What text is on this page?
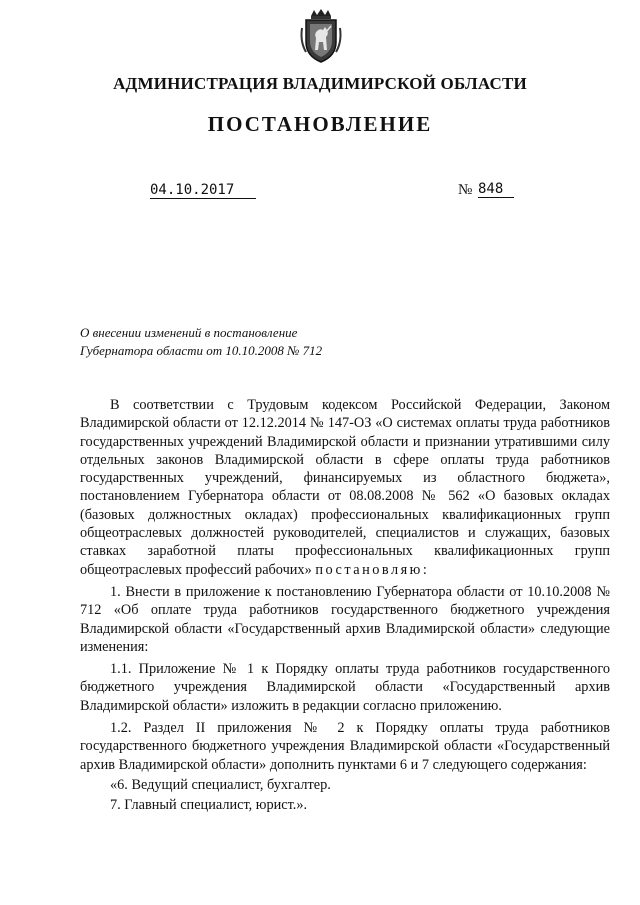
АДМИНИСТРАЦИЯ ВЛАДИМИРСКОЙ ОБЛАСТИ
ПОСТАНОВЛЕНИЕ
04.10.2017	№ 848
О внесении изменений в постановление
Губернатора области от 10.10.2008 № 712

В соответствии с Трудовым кодексом Российской Федерации, Законом Владимирской области от 12.12.2014 № 147-ОЗ «О системах оплаты труда работников государственных учреждений Владимирской области и признании утратившими силу отдельных законов Владимирской области в сфере оплаты труда работников государственных учреждений, финансируемых из областного бюджета», постановлением Губернатора области от 08.08.2008 № 562 «О базовых окладах (базовых должностных окладах) профессиональных квалификационных групп общеотраслевых должностей руководителей, специалистов и служащих, базовых ставках заработной платы профессиональных квалификационных групп общеотраслевых профессий рабочих» постановляю:

1. Внести в приложение к постановлению Губернатора области от 10.10.2008 № 712 «Об оплате труда работников государственного бюджетного учреждения Владимирской области «Государственный архив Владимирской области» следующие изменения:

1.1. Приложение № 1 к Порядку оплаты труда работников государственного бюджетного учреждения Владимирской области «Государственный архив Владимирской области» изложить в редакции согласно приложению.

1.2. Раздел II приложения № 2 к Порядку оплаты труда работников государственного бюджетного учреждения Владимирской области «Государственный архив Владимирской области» дополнить пунктами 6 и 7 следующего содержания:

«6. Ведущий специалист, бухгалтер.

7. Главный специалист, юрист.».
